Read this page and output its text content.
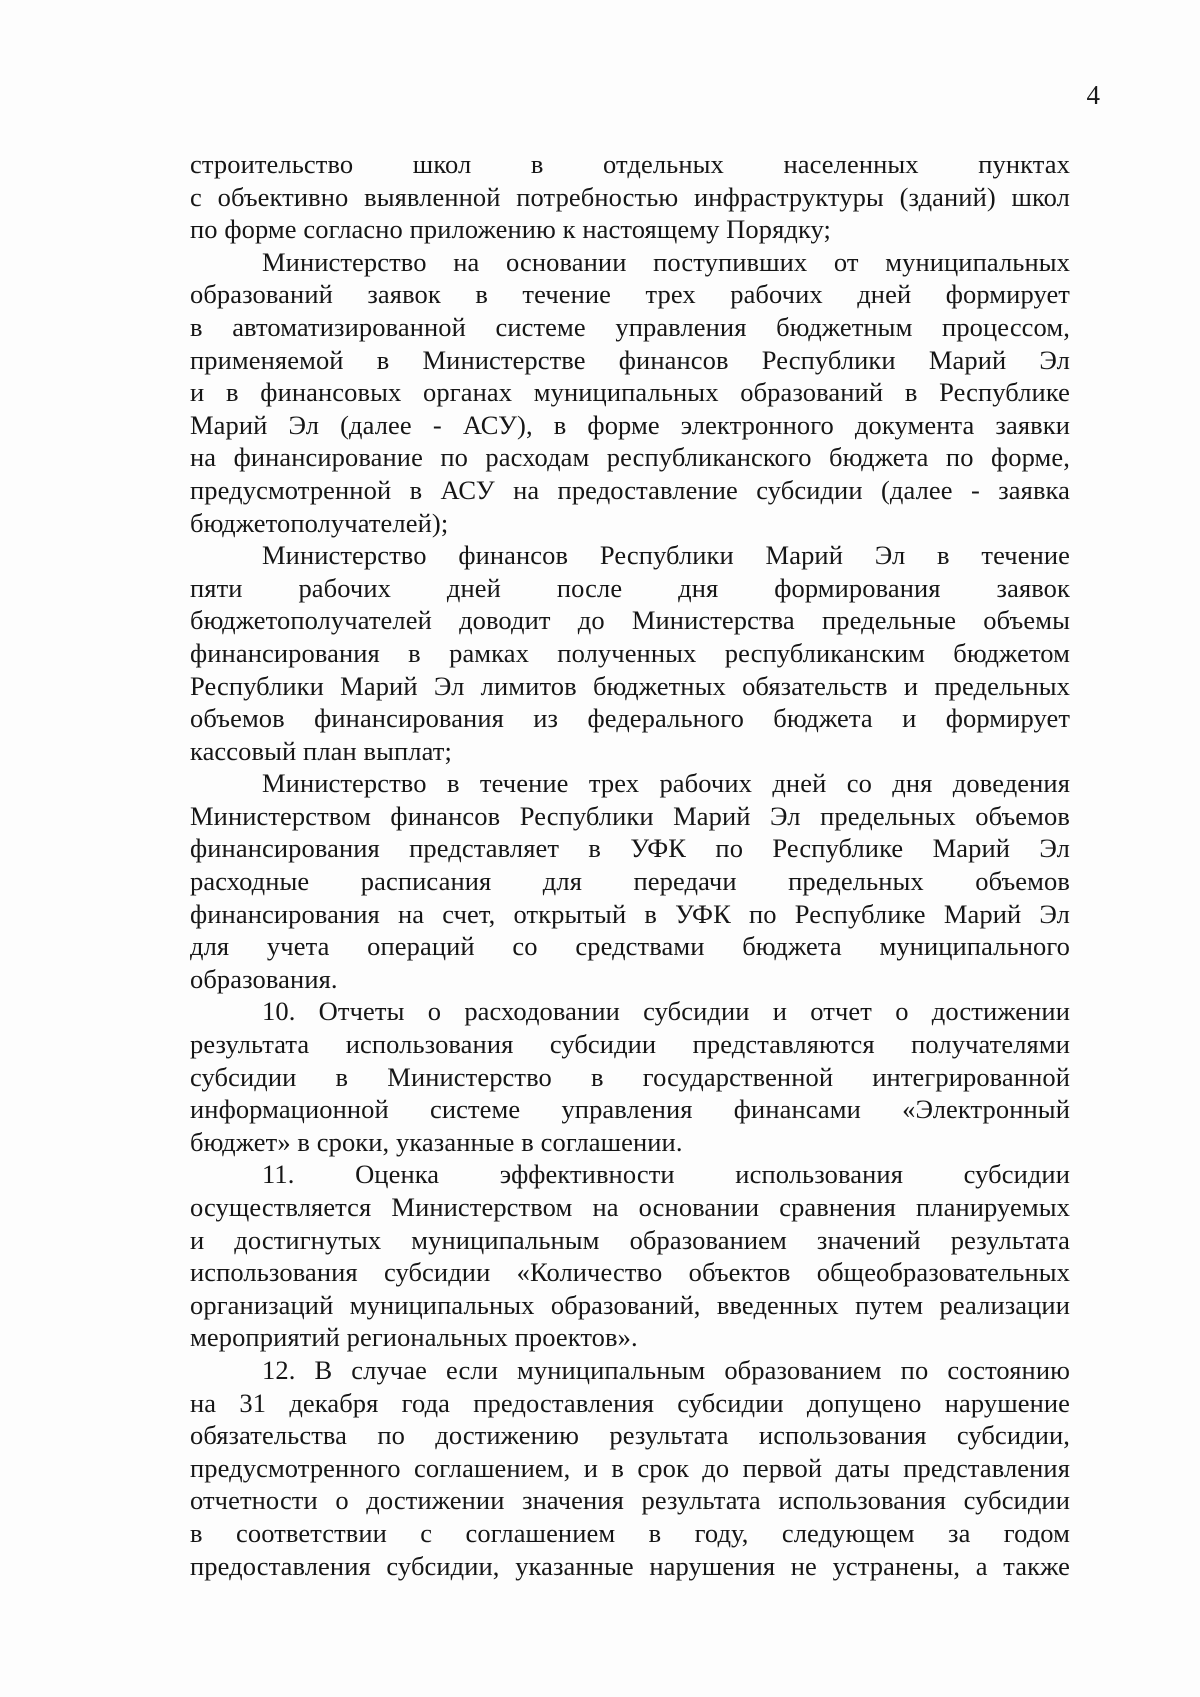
4
строительство школ в отдельных населенных пунктах
с объективно выявленной потребностью инфраструктуры (зданий) школ
по форме согласно приложению к настоящему Порядку;
Министерство на основании поступивших от муниципальных
образований заявок в течение трех рабочих дней формирует
в автоматизированной системе управления бюджетным процессом,
применяемой в Министерстве финансов Республики Марий Эл
и в финансовых органах муниципальных образований в Республике
Марий Эл (далее - АСУ), в форме электронного документа заявки
на финансирование по расходам республиканского бюджета по форме,
предусмотренной в АСУ на предоставление субсидии (далее - заявка
бюджетополучателей);
Министерство финансов Республики Марий Эл в течение
пяти рабочих дней после дня формирования заявок
бюджетополучателей доводит до Министерства предельные объемы
финансирования в рамках полученных республиканским бюджетом
Республики Марий Эл лимитов бюджетных обязательств и предельных
объемов финансирования из федерального бюджета и формирует
кассовый план выплат;
Министерство в течение трех рабочих дней со дня доведения
Министерством финансов Республики Марий Эл предельных объемов
финансирования представляет в УФК по Республике Марий Эл
расходные расписания для передачи предельных объемов
финансирования на счет, открытый в УФК по Республике Марий Эл
для учета операций со средствами бюджета муниципального
образования.
10. Отчеты о расходовании субсидии и отчет о достижении
результата использования субсидии представляются получателями
субсидии в Министерство в государственной интегрированной
информационной системе управления финансами «Электронный
бюджет» в сроки, указанные в соглашении.
11. Оценка эффективности использования субсидии
осуществляется Министерством на основании сравнения планируемых
и достигнутых муниципальным образованием значений результата
использования субсидии «Количество объектов общеобразовательных
организаций муниципальных образований, введенных путем реализации
мероприятий региональных проектов».
12. В случае если муниципальным образованием по состоянию
на 31 декабря года предоставления субсидии допущено нарушение
обязательства по достижению результата использования субсидии,
предусмотренного соглашением, и в срок до первой даты представления
отчетности о достижении значения результата использования субсидии
в соответствии с соглашением в году, следующем за годом
предоставления субсидии, указанные нарушения не устранены, а также
